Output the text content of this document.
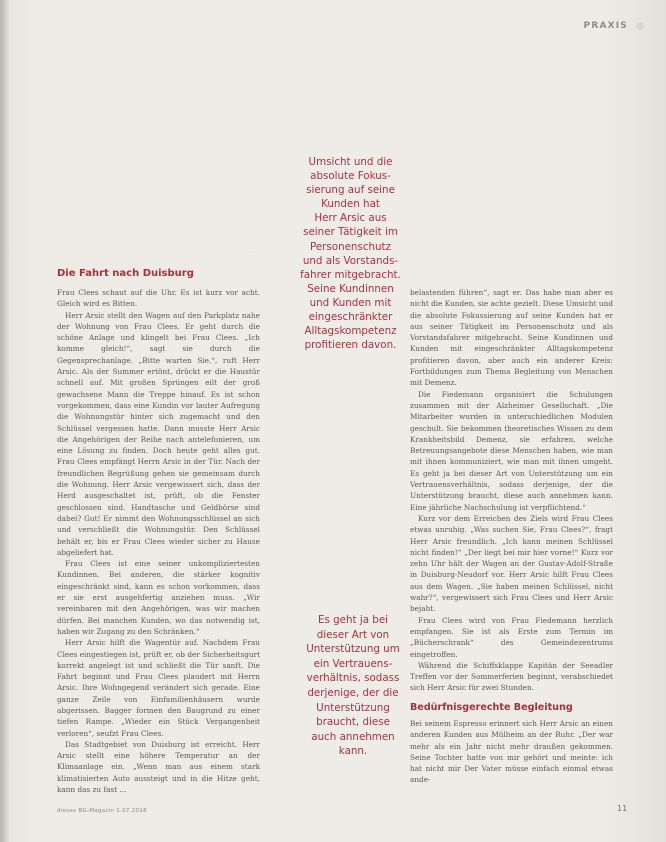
PRAXIS
Umsicht und die
absolute Fokus-
sierung auf seine
Kunden hat
Herr Arsic aus
seiner Tätigkeit im
Personenschutz
und als Vorstands-
fahrer mitgebracht.
Seine Kundinnen
und Kunden mit
eingeschränkter
Alltagskompetenz
profitieren davon.
Es geht ja bei
dieser Art von
Unterstützung um
ein Vertrauens-
verhältnis, sodass
derjenige, der die
Unterstützung
braucht, diese
auch annehmen
kann.
Die Fahrt nach Duisburg

Frau Clees schaut auf die Uhr. Es ist kurz vor acht. Gleich wird es Bitten.

Herr Arsic stellt den Wagen auf den Parkplatz nahe der Wohnung von Frau Clees. Er geht durch die schöne Anlage und klingelt bei Frau Clees. „Ich komme gleich!“, sagt sie durch die Gegensprechanlage. „Bitte warten Sie.“, ruft Herr Arsic. Als der Summer ertönt, drückt er die Haustür schnell auf. Mit großen Sprüngen eilt der groß gewachsene Mann die Treppe hinauf. Es ist schon vorgekommen, dass eine Kundin vor lauter Aufregung die Wohnungstür hinter sich zugemacht und den Schlüssel vergessen hatte. Dann musste Herr Arsic die Angehörigen der Reihe nach antelefonieren, um eine Lösung zu finden. Doch heute geht alles gut. Frau Clees empfängt Herrn Arsic in der Tür. Nach der freundlichen Begrüßung gehen sie gemeinsam durch die Wohnung. Herr Arsic vergewissert sich, dass der Herd ausgeschaltet ist, prüft, ob die Fenster geschlossen sind. Handtasche und Geldbörse sind dabei? Gut! Er nimmt den Wohnungsschlüssel an sich und verschließt die Wohnungstür. Den Schlüssel behält er, bis er Frau Clees wieder sicher zu Hause abgeliefert hat.

Frau Clees ist eine seiner unkompliziertesten Kundinnen. Bei anderen, die stärker kognitiv eingeschränkt sind, kann es schon vorkommen, dass er sie erst ausgehfertig anziehen muss. „Wir vereinbaren mit den Angehörigen, was wir machen dürfen. Bei manchen Kunden, wo das notwendig ist, haben wir Zugang zu den Schränken.“

Herr Arsic hilft die Wagentür auf. Nachdem Frau Clees eingestiegen ist, prüft er, ob der Sicherheitsgurt korrekt angelegt ist und schließt die Tür sanft. Die Fahrt beginnt und Frau Clees plaudert mit Herrn Arsic. Ihre Wohngegend verändert sich gerade. Eine ganze Zeile von Einfamilienhäusern wurde abgerissen. Bagger formen den Baugrund zu einer tiefen Rampe. „Wieder ein Stück Vergangenheit verloren“, seufzt Frau Clees.

Das Stadtgebiet von Duisburg ist erreicht. Herr Arsic stellt eine höhere Temperatur an der Klimaanlage ein. „Wenn man aus einem stark klimatisierten Auto aussteigt und in die Hitze geht, kann das zu fast ...

belastenden führen“, sagt er. Das habe man aber es nicht die Kunden, sie achte gezielt. Diese Umsicht und die absolute Fokussierung auf seine Kunden hat er aus seiner Tätigkeit im Personenschutz und als Vorstandsfahrer mitgebracht. Seine Kundinnen und Kunden mit eingeschränkter Alltagskompetenz profitieren davon, aber auch ein anderer Kreis: Fortbildungen zum Thema Begleitung von Menschen mit Demenz.

Die Fiedemann organisiert die Schulungen zusammen mit der Alzheimer Gesellschaft. „Die Mitarbeiter wurden in unterschiedlichen Modulen geschult. Sie bekommen theoretisches Wissen zu dem Krankheitsbild Demenz, sie erfahren, welche Betreuungsangebote diese Menschen haben, wie man mit ihnen kommuniziert, wie man mit ihnen umgeht. Es geht ja bei dieser Art von Unterstützung um ein Vertrauensverhältnis, sodass derjenige, der die Unterstützung braucht, diese auch annehmen kann. Eine jährliche Nachschulung ist verpflichtend.“

Kurz vor dem Erreichen des Ziels wird Frau Clees etwas unruhig. „Was suchen Sie, Frau Clees?“, fragt Herr Arsic freundlich. „Ich kann meinen Schlüssel nicht finden!“ „Der liegt bei mir hier vorne!“ Kurz vor zehn Uhr hält der Wagen an der Gustav-Adolf-Straße in Duisburg-Neudorf vor. Herr Arsic hilft Frau Clees aus dem Wagen. „Sie haben meinen Schlüssel, nicht wahr?“, vergewissert sich Frau Clees und Herr Arsic bejaht.

Frau Clees wird von Frau Fiedemann herzlich empfangen. Sie ist als Erste zum Termin im „Bücherschrank“ des Gemeindezentrums eingetroffen.

Während die Schiffsklappe Kapitän der Seeadler Treffen vor der Sommerferien beginnt, verabschiedet sich Herr Arsic für zwei Stunden.

Bedürfnisgerechte Begleitung

Bei seinem Espresso erinnert sich Herr Arsic an einen anderen Kunden aus Mülheim an der Ruhr. „Der war mehr als ein Jahr nicht mehr draußen gekommen. Seine Tochter hatte von mir gehört und meinte: ich hat nicht mir Der Vater müsse einfach einmal etwas ande-

dieses BG-Magazin 1.07.2018	11
